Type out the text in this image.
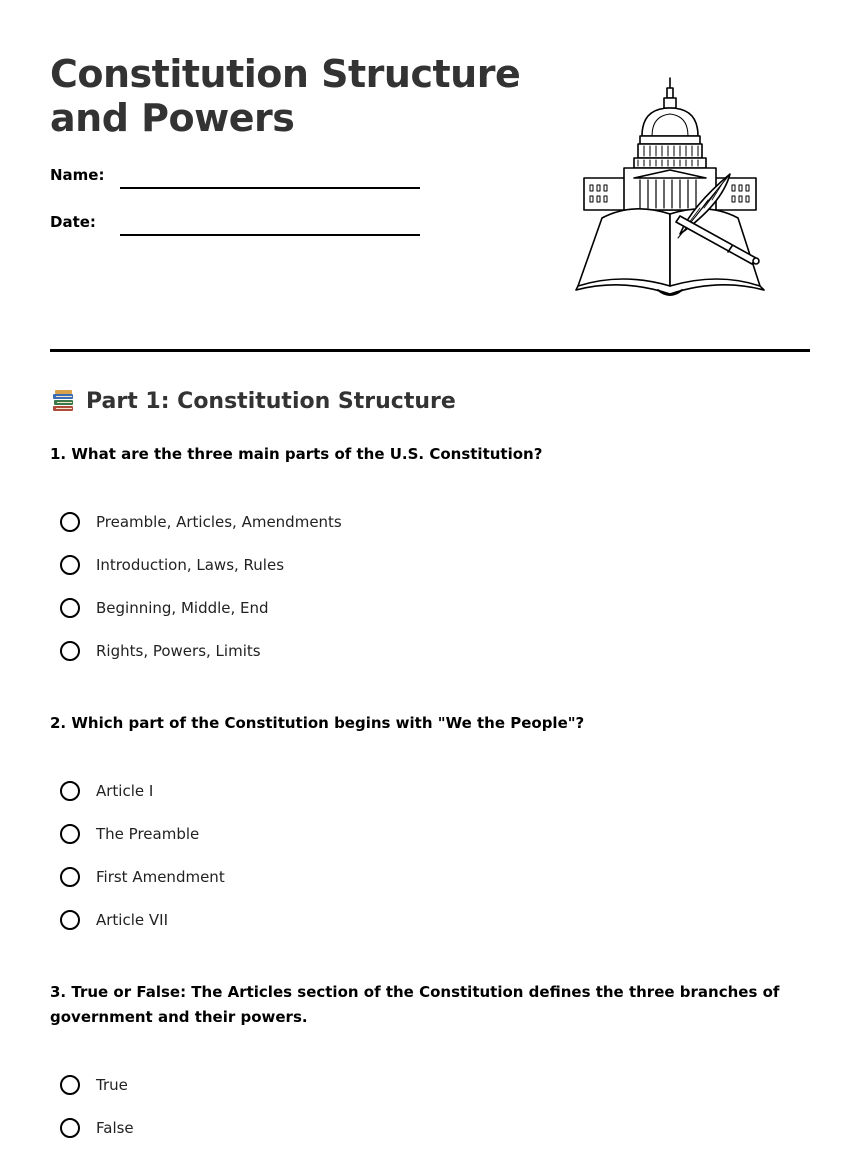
Constitution Structure and Powers
Name:
Date:
Part 1: Constitution Structure

1. What are the three main parts of the U.S. Constitution?

Preamble, Articles, Amendments
Introduction, Laws, Rules
Beginning, Middle, End
Rights, Powers, Limits

2. Which part of the Constitution begins with "We the People"?

Article I
The Preamble
First Amendment
Article VII

3. True or False: The Articles section of the Constitution defines the three branches of government and their powers.

True
False
